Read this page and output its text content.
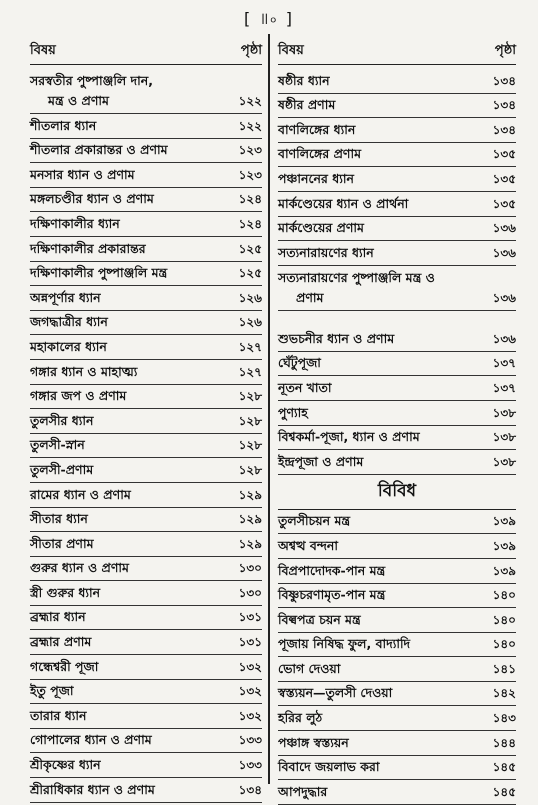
[ ॥৹ ]
বিষয়	পৃষ্ঠা
সরস্বতীর পুষ্পাঞ্জলি দান,
মন্ত্র ও প্রণাম	১২২
শীতলার ধ্যান	১২২
শীতলার প্রকারান্তর ও প্রণাম	১২৩
মনসার ধ্যান ও প্রণাম	১২৩
মঙ্গলচণ্ডীর ধ্যান ও প্রণাম	১২৪
দক্ষিণাকালীর ধ্যান	১২৪
দক্ষিণাকালীর প্রকারান্তর	১২৫
দক্ষিণাকালীর পুষ্পাঞ্জলি মন্ত্র	১২৫
অন্নপূর্ণার ধ্যান	১২৬
জগদ্ধাত্রীর ধ্যান	১২৬
মহাকালের ধ্যান	১২৭
গঙ্গার ধ্যান ও মাহাত্ম্য	১২৭
গঙ্গার জপ ও প্রণাম	১২৮
তুলসীর ধ্যান	১২৮
তুলসী-স্নান	১২৮
তুলসী-প্রণাম	১২৮
রামের ধ্যান ও প্রণাম	১২৯
সীতার ধ্যান	১২৯
সীতার প্রণাম	১২৯
গুরুর ধ্যান ও প্রণাম	১৩০
স্ত্রী গুরুর ধ্যান	১৩০
ব্রহ্মার ধ্যান	১৩১
ব্রহ্মার প্রণাম	১৩১
গন্ধেশ্বরী পূজা	১৩২
ইতু পূজা	১৩২
তারার ধ্যান	১৩২
গোপালের ধ্যান ও প্রণাম	১৩৩
শ্রীকৃষ্ণের ধ্যান	১৩৩
শ্রীরাধিকার ধ্যান ও প্রণাম	১৩৪
বিষয়	পৃষ্ঠা
ষষ্ঠীর ধ্যান	১৩৪
ষষ্ঠীর প্রণাম	১৩৪
বাণলিঙ্গের ধ্যান	১৩৪
বাণলিঙ্গের প্রণাম	১৩৫
পঞ্চাননের ধ্যান	১৩৫
মার্কণ্ডেয়ের ধ্যান ও প্রার্থনা	১৩৫
মার্কণ্ডেয়ের প্রণাম	১৩৬
সত্যনারায়ণের ধ্যান	১৩৬
সত্যনারায়ণের পুষ্পাঞ্জলি মন্ত্র ও
প্রণাম	১৩৬
শুভচনীর ধ্যান ও প্রণাম	১৩৬
ঘেঁটুপূজা	১৩৭
নূতন খাতা	১৩৭
পুণ্যাহ	১৩৮
বিশ্বকর্মা-পূজা, ধ্যান ও প্রণাম	১৩৮
ইন্দ্রপূজা ও প্রণাম	১৩৮
বিবিধ
তুলসীচয়ন মন্ত্র	১৩৯
অশ্বত্থ বন্দনা	১৩৯
বিপ্রপাদোদক-পান মন্ত্র	১৩৯
বিষ্ণুচরণামৃত-পান মন্ত্র	১৪০
বিল্বপত্র চয়ন মন্ত্র	১৪০
পূজায় নিষিদ্ধ ফুল, বাদ্যাদি	১৪০
ভোগ দেওয়া	১৪১
স্বস্ত্যয়ন—তুলসী দেওয়া	১৪২
হরির লুঠ	১৪৩
পঞ্চাঙ্গ স্বস্ত্যয়ন	১৪৪
বিবাদে জয়লাভ করা	১৪৫
আপদুদ্ধার	১৪৫
